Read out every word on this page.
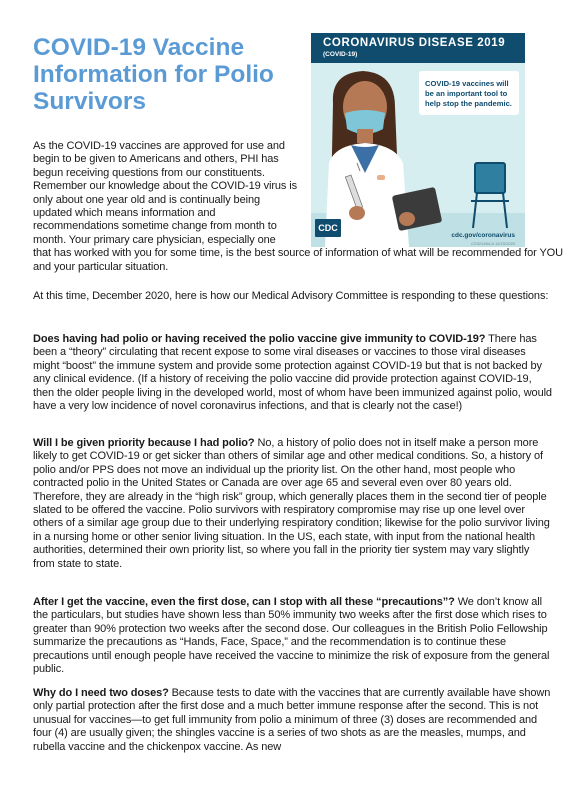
COVID-19 Vaccine Information for Polio Survivors
CORONAVIRUS DISEASE 2019
(COVID-19)

COVID-19 vaccines will be an important tool to help stop the pandemic.

CDC
cdc.gov/coronavirus
CS321464-A 12/15/2020

As the COVID-19 vaccines are approved for use and begin to be given to Americans and others, PHI has begun receiving questions from our constituents. Remember our knowledge about the COVID-19 virus is only about one year old and is continually being updated which means information and recommendations sometime change from month to month. Your primary care physician, especially one
that has worked with you for some time, is the best source of information of what will be recommended for YOU and your particular situation.

At this time, December 2020, here is how our Medical Advisory Committee is responding to these questions:

Does having had polio or having received the polio vaccine give immunity to COVID-19? There has been a “theory” circulating that recent expose to some viral diseases or vaccines to those viral diseases might “boost” the immune system and provide some protection against COVID-19 but that is not backed by any clinical evidence. (If a history of receiving the polio vaccine did provide protection against COVID-19, then the older people living in the developed world, most of whom have been immunized against polio, would have a very low incidence of novel coronavirus infections, and that is clearly not the case!)

Will I be given priority because I had polio? No, a history of polio does not in itself make a person more likely to get COVID-19 or get sicker than others of similar age and other medical conditions. So, a history of polio and/or PPS does not move an individual up the priority list. On the other hand, most people who contracted polio in the United States or Canada are over age 65 and several even over 80 years old. Therefore, they are already in the “high risk” group, which generally places them in the second tier of people slated to be offered the vaccine. Polio survivors with respiratory compromise may rise up one level over others of a similar age group due to their underlying respiratory condition; likewise for the polio survivor living in a nursing home or other senior living situation. In the US, each state, with input from the national health authorities, determined their own priority list, so where you fall in the priority tier system may vary slightly from state to state.

After I get the vaccine, even the first dose, can I stop with all these “precautions”? We don’t know all the particulars, but studies have shown less than 50% immunity two weeks after the first dose which rises to greater than 90% protection two weeks after the second dose. Our colleagues in the British Polio Fellowship summarize the precautions as “Hands, Face, Space,” and the recommendation is to continue these precautions until enough people have received the vaccine to minimize the risk of exposure from the general public.

Why do I need two doses? Because tests to date with the vaccines that are currently available have shown only partial protection after the first dose and a much better immune response after the second. This is not unusual for vaccines—to get full immunity from polio a minimum of three (3) doses are recommended and four (4) are usually given; the shingles vaccine is a series of two shots as are the measles, mumps, and rubella vaccine and the chickenpox vaccine. As new
